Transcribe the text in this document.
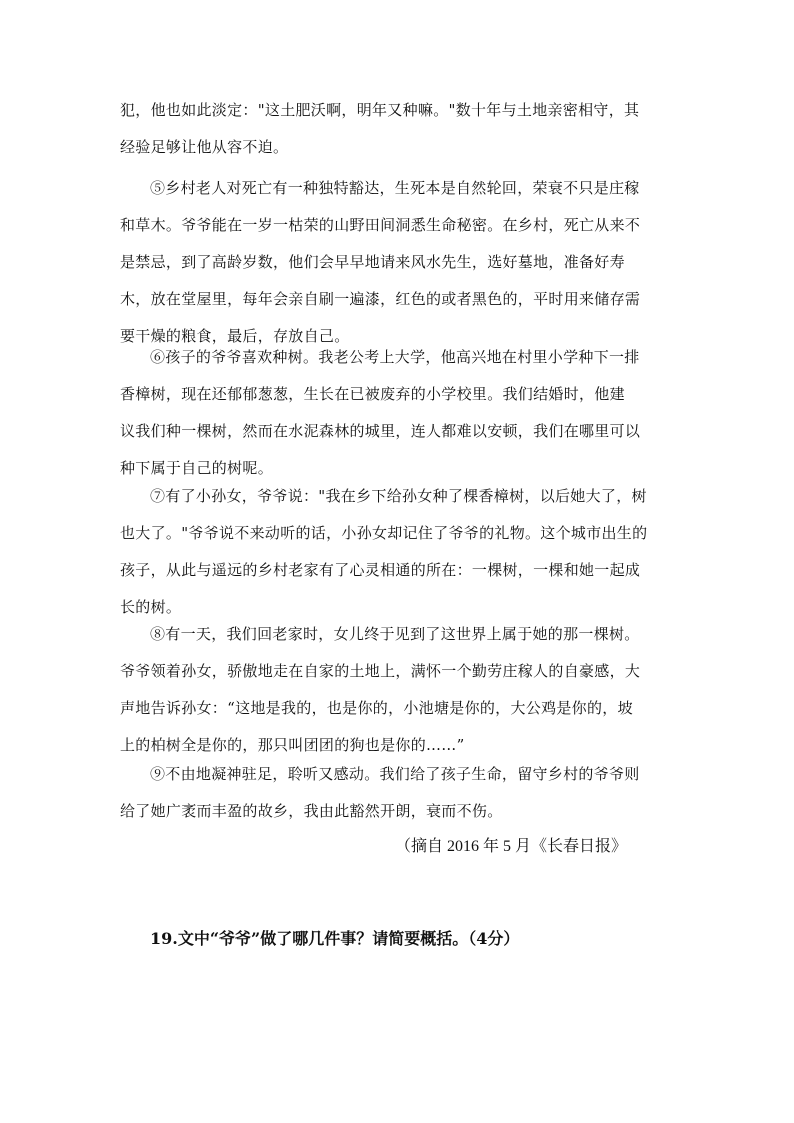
犯，他也如此淡定："这土肥沃啊，明年又种嘛。"数十年与土地亲密相守，其
经验足够让他从容不迫。
⑤乡村老人对死亡有一种独特豁达，生死本是自然轮回，荣衰不只是庄稼
和草木。爷爷能在一岁一枯荣的山野田间洞悉生命秘密。在乡村，死亡从来不
是禁忌，到了高龄岁数，他们会早早地请来风水先生，选好墓地，准备好寿
木，放在堂屋里，每年会亲自刷一遍漆，红色的或者黑色的，平时用来储存需
要干燥的粮食，最后，存放自己。
⑥孩子的爷爷喜欢种树。我老公考上大学，他高兴地在村里小学种下一排
香樟树，现在还郁郁葱葱，生长在已被废弃的小学校里。我们结婚时，他建
议我们种一棵树，然而在水泥森林的城里，连人都难以安顿，我们在哪里可以
种下属于自己的树呢。
⑦有了小孙女，爷爷说："我在乡下给孙女种了棵香樟树，以后她大了，树
也大了。"爷爷说不来动听的话，小孙女却记住了爷爷的礼物。这个城市出生的
孩子，从此与遥远的乡村老家有了心灵相通的所在：一棵树，一棵和她一起成
长的树。
⑧有一天，我们回老家时，女儿终于见到了这世界上属于她的那一棵树。
爷爷领着孙女，骄傲地走在自家的土地上，满怀一个勤劳庄稼人的自豪感，大
声地告诉孙女：“这地是我的，也是你的，小池塘是你的，大公鸡是你的，坡
上的柏树全是你的，那只叫团团的狗也是你的……”
⑨不由地凝神驻足，聆听又感动。我们给了孩子生命，留守乡村的爷爷则
给了她广袤而丰盈的故乡，我由此豁然开朗，衰而不伤。
（摘自 2016 年 5 月《长春日报》
19.文中“爷爷”做了哪几件事？请简要概括。（4分）
